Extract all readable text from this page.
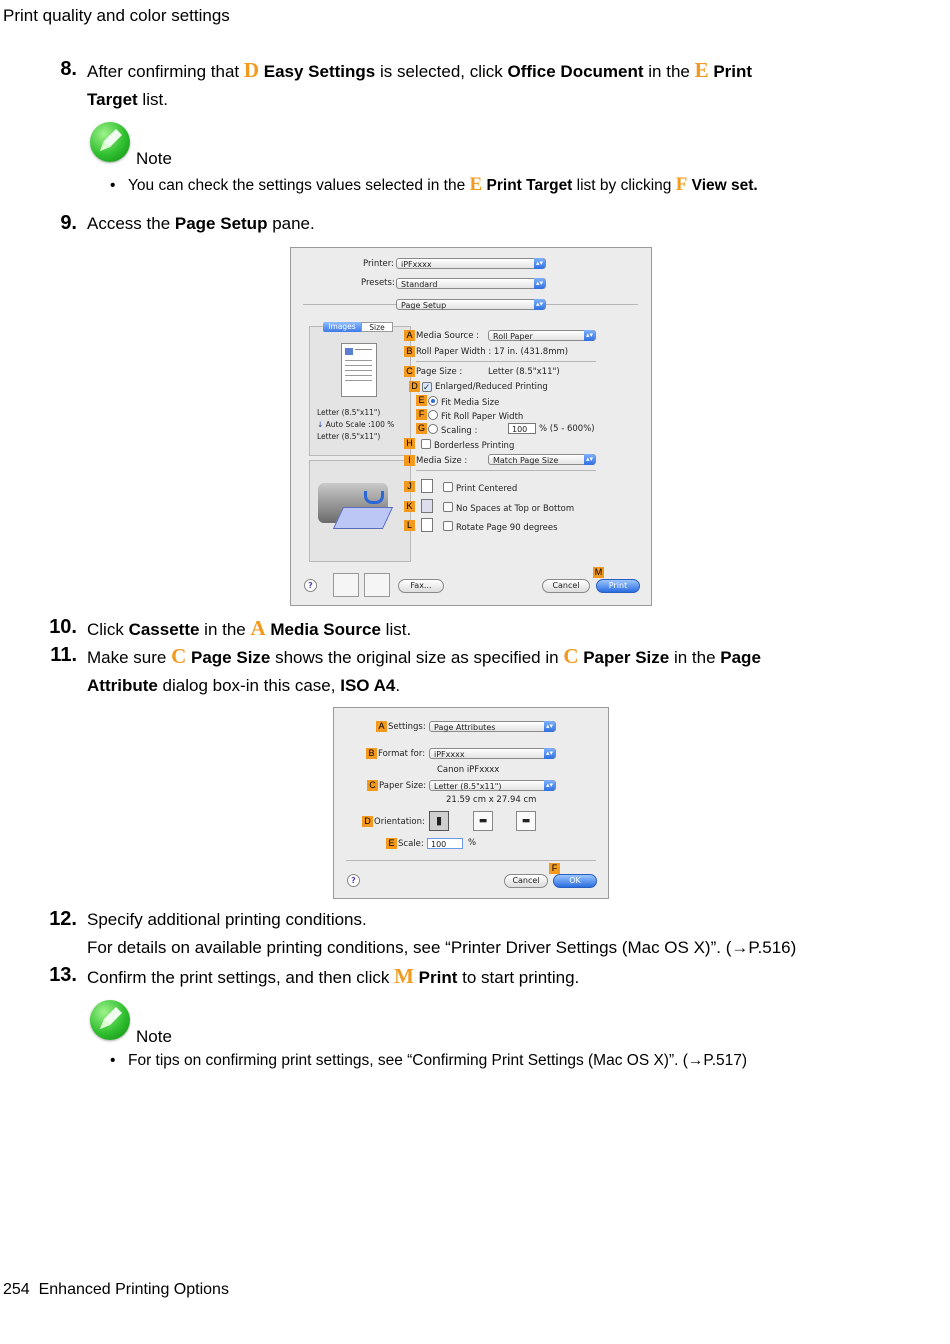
Print quality and color settings
8. After confirming that D Easy Settings is selected, click Office Document in the E Print
Target list.
Note
• You can check the settings values selected in the E Print Target list by clicking F View set.
9. Access the Page Setup pane.
Printer: iPFxxxx	▴▾
Presets: Standard	▴▾
Page Setup	▴▾
Images	Size
Letter (8.5"x11")
↓ Auto Scale :100 %
Letter (8.5"x11")
A Media Source :	Roll Paper	▴▾
B Roll Paper Width : 17 in. (431.8mm)
C Page Size :	Letter (8.5"x11")
D ✓ Enlarged/Reduced Printing
E	Fit Media Size
F	Fit Roll Paper Width
G	Scaling :	100	% (5 - 600%)
H	Borderless Printing
I Media Size :	Match Page Size	▴▾
J	Print Centered
K	No Spaces at Top or Bottom
L	Rotate Page 90 degrees
?	Fax...	Cancel
M
Print
10. Click Cassette in the A Media Source list.
11. Make sure C Page Size shows the original size as specified in C Paper Size in the Page
Attribute dialog box-in this case, ISO A4.
A Settings:	Page Attributes	▴▾
B Format for:	iPFxxxx	▴▾
Canon iPFxxxx
C Paper Size: Letter (8.5"x11")	▴▾
21.59 cm x 27.94 cm
D Orientation:	▮	▬	▬
E Scale: 100	%
?	Cancel
F
OK
12. Specify additional printing conditions.
For details on available printing conditions, see “Printer Driver Settings (Mac OS X)”. (→P.516)
13. Confirm the print settings, and then click M Print to start printing.
Note
• For tips on confirming print settings, see “Confirming Print Settings (Mac OS X)”. (→P.517)
254 Enhanced Printing Options
